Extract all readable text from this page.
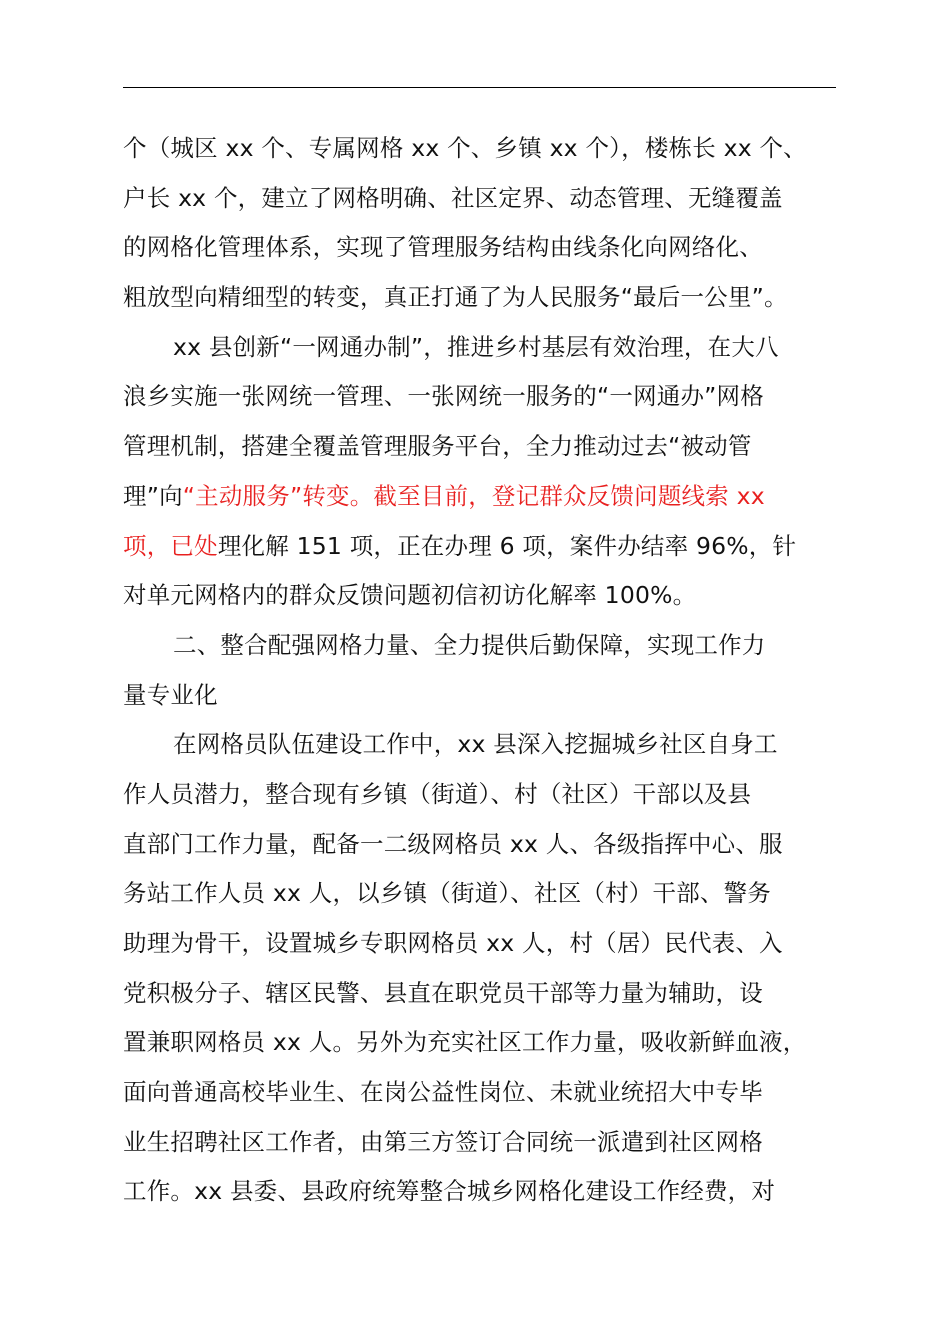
个（城区 xx 个、专属网格 xx 个、乡镇 xx 个），楼栋长 xx 个、
户长 xx 个，建立了网格明确、社区定界、动态管理、无缝覆盖
的网格化管理体系，实现了管理服务结构由线条化向网络化、
粗放型向精细型的转变，真正打通了为人民服务“最后一公里”。
xx 县创新“一网通办制”，推进乡村基层有效治理，在大八
浪乡实施一张网统一管理、一张网统一服务的“一网通办”网格
管理机制，搭建全覆盖管理服务平台，全力推动过去“被动管
理”向“主动服务”转变。截至目前，登记群众反馈问题线索 xx
项，已处理化解 151 项，正在办理 6 项，案件办结率 96%，针
对单元网格内的群众反馈问题初信初访化解率 100%。
二、整合配强网格力量、全力提供后勤保障，实现工作力
量专业化
在网格员队伍建设工作中，xx 县深入挖掘城乡社区自身工
作人员潜力，整合现有乡镇（街道）、村（社区）干部以及县
直部门工作力量，配备一二级网格员 xx 人、各级指挥中心、服
务站工作人员 xx 人，以乡镇（街道）、社区（村）干部、警务
助理为骨干，设置城乡专职网格员 xx 人，村（居）民代表、入
党积极分子、辖区民警、县直在职党员干部等力量为辅助，设
置兼职网格员 xx 人。另外为充实社区工作力量，吸收新鲜血液，
面向普通高校毕业生、在岗公益性岗位、未就业统招大中专毕
业生招聘社区工作者，由第三方签订合同统一派遣到社区网格
工作。xx 县委、县政府统筹整合城乡网格化建设工作经费，对
